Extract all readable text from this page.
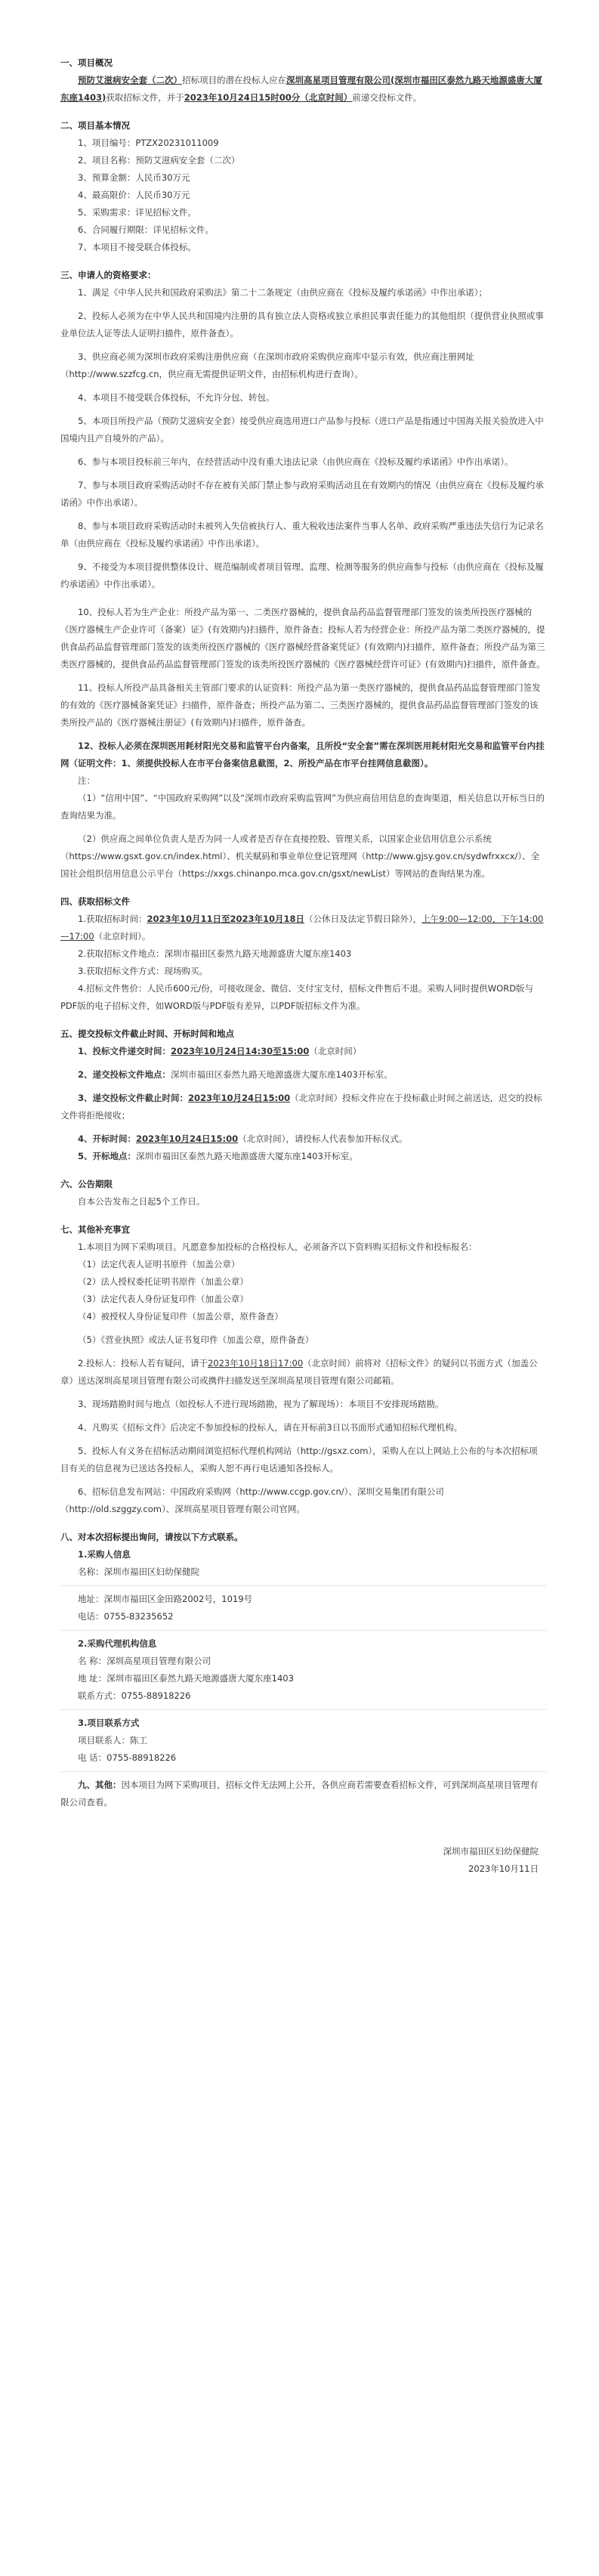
一、项目概况

预防艾滋病安全套（二次）招标项目的潜在投标人应在深圳高星项目管理有限公司(深圳市福田区泰然九路天地源盛唐大厦东座1403)获取招标文件，并于2023年10月24日15时00分（北京时间）前递交投标文件。

二、项目基本情况

1、项目编号：PTZX20231011009

2、项目名称：预防艾滋病安全套（二次）

3、预算金额：人民币30万元

4、最高限价：人民币30万元

5、采购需求：详见招标文件。

6、合同履行期限：详见招标文件。

7、本项目不接受联合体投标。

三、申请人的资格要求：

1、满足《中华人民共和国政府采购法》第二十二条规定（由供应商在《投标及履约承诺函》中作出承诺）；

2、投标人必须为在中华人民共和国境内注册的具有独立法人资格或独立承担民事责任能力的其他组织（提供营业执照或事业单位法人证等法人证明扫描件，原件备查）。

3、供应商必须为深圳市政府采购注册供应商（在深圳市政府采购供应商库中显示有效，供应商注册网址（http://www.szzfcg.cn，供应商无需提供证明文件，由招标机构进行查询）。

4、本项目不接受联合体投标，不允许分包、转包。

5、本项目所投产品（预防艾滋病安全套）接受供应商选用进口产品参与投标（进口产品是指通过中国海关报关验放进入中国境内且产自境外的产品）。

6、参与本项目投标前三年内，在经营活动中没有重大违法记录（由供应商在《投标及履约承诺函》中作出承诺）。

7、参与本项目政府采购活动时不存在被有关部门禁止参与政府采购活动且在有效期内的情况（由供应商在《投标及履约承诺函》中作出承诺）。

8、参与本项目政府采购活动时未被列入失信被执行人、重大税收违法案件当事人名单、政府采购严重违法失信行为记录名单（由供应商在《投标及履约承诺函》中作出承诺）。

9、不接受为本项目提供整体设计、规范编制或者项目管理、监理、检测等服务的供应商参与投标（由供应商在《投标及履约承诺函》中作出承诺）。

10、投标人若为生产企业：所投产品为第一、二类医疗器械的，提供食品药品监督管理部门签发的该类所投医疗器械的《医疗器械生产企业许可（备案）证》(有效期内)扫描件，原件备查；投标人若为经营企业：所投产品为第二类医疗器械的，提供食品药品监督管理部门签发的该类所投医疗器械的《医疗器械经营备案凭证》(有效期内)扫描件，原件备查；所投产品为第三类医疗器械的，提供食品药品监督管理部门签发的该类所投医疗器械的《医疗器械经营许可证》(有效期内)扫描件，原件备查。

11、投标人所投产品具备相关主管部门要求的认证资料：所投产品为第一类医疗器械的，提供食品药品监督管理部门签发的有效的《医疗器械备案凭证》扫描件，原件备查；所投产品为第二、三类医疗器械的，提供食品药品监督管理部门签发的该类所投产品的《医疗器械注册证》(有效期内)扫描件，原件备查。

12、投标人必须在深圳医用耗材阳光交易和监管平台内备案，且所投“安全套”需在深圳医用耗材阳光交易和监管平台内挂网（证明文件：1、须提供投标人在市平台备案信息截图，2、所投产品在市平台挂网信息截图）。

注：

（1）“信用中国”、“中国政府采购网”以及“深圳市政府采购监管网”为供应商信用信息的查询渠道，相关信息以开标当日的查询结果为准。

（2）供应商之间单位负责人是否为同一人或者是否存在直接控股、管理关系，以国家企业信用信息公示系统（https://www.gsxt.gov.cn/index.html）、机关赋码和事业单位登记管理网（http://www.gjsy.gov.cn/sydwfrxxcx/）、全国社会组织信用信息公示平台（https://xxgs.chinanpo.mca.gov.cn/gsxt/newList）等网站的查询结果为准。

四、获取招标文件

1.获取招标时间：2023年10月11日至2023年10月18日（公休日及法定节假日除外），上午9:00—12:00，下午14:00—17:00（北京时间）。

2.获取招标文件地点：深圳市福田区泰然九路天地源盛唐大厦东座1403

3.获取招标文件方式：现场购买。

4.招标文件售价：人民币600元/份，可接收现金、微信、支付宝支付，招标文件售后不退。采购人同时提供WORD版与PDF版的电子招标文件，如WORD版与PDF版有差异，以PDF版招标文件为准。

五、提交投标文件截止时间、开标时间和地点

1、投标文件递交时间：2023年10月24日14:30至15:00（北京时间）

2、递交投标文件地点：深圳市福田区泰然九路天地源盛唐大厦东座1403开标室。

3、递交投标文件截止时间：2023年10月24日15:00（北京时间）投标文件应在于投标截止时间之前送达，迟交的投标文件将拒绝接收；

4、开标时间：2023年10月24日15:00（北京时间），请投标人代表参加开标仪式。

5、开标地点：深圳市福田区泰然九路天地源盛唐大厦东座1403开标室。

六、公告期限

自本公告发布之日起5个工作日。

七、其他补充事宜

1.本项目为网下采购项目。凡愿意参加投标的合格投标人，必须备齐以下资料购买招标文件和投标报名：

（1）法定代表人证明书原件（加盖公章）

（2）法人授权委托证明书原件（加盖公章）

（3）法定代表人身份证复印件（加盖公章）

（4）被授权人身份证复印件（加盖公章，原件备查）

（5）《营业执照》或法人证书复印件（加盖公章，原件备查）

2.投标人：投标人若有疑问，请于2023年10月18日17:00（北京时间）前将对《招标文件》的疑问以书面方式（加盖公章）送达深圳高星项目管理有限公司或携件扫描发送至深圳高星项目管理有限公司邮箱。

3、现场踏勘时间与地点（如投标人不进行现场踏勘，视为了解现场）：本项目不安排现场踏勘。

4、凡购买《招标文件》后决定不参加投标的投标人，请在开标前3日以书面形式通知招标代理机构。

5、投标人有义务在招标活动期间浏览招标代理机构网站（http://gsxz.com），采购人在以上网站上公布的与本次招标项目有关的信息视为已送达各投标人，采购人恕不再行电话通知各投标人。

6、招标信息发布网站：中国政府采购网（http://www.ccgp.gov.cn/）、深圳交易集团有限公司（http://old.szggzy.com）、深圳高星项目管理有限公司官网。

八、对本次招标提出询问，请按以下方式联系。

1.采购人信息

名称：深圳市福田区妇幼保健院

地址：深圳市福田区金田路2002号，1019号

电话：0755-83235652

2.采购代理机构信息

名 称：深圳高星项目管理有限公司

地 址：深圳市福田区泰然九路天地源盛唐大厦东座1403

联系方式：0755-88918226

3.项目联系方式

项目联系人：陈工

电 话：0755-88918226

九、其他：因本项目为网下采购项目，招标文件无法网上公开，各供应商若需要查看招标文件，可到深圳高星项目管理有限公司查看。

深圳市福田区妇幼保健院

2023年10月11日
